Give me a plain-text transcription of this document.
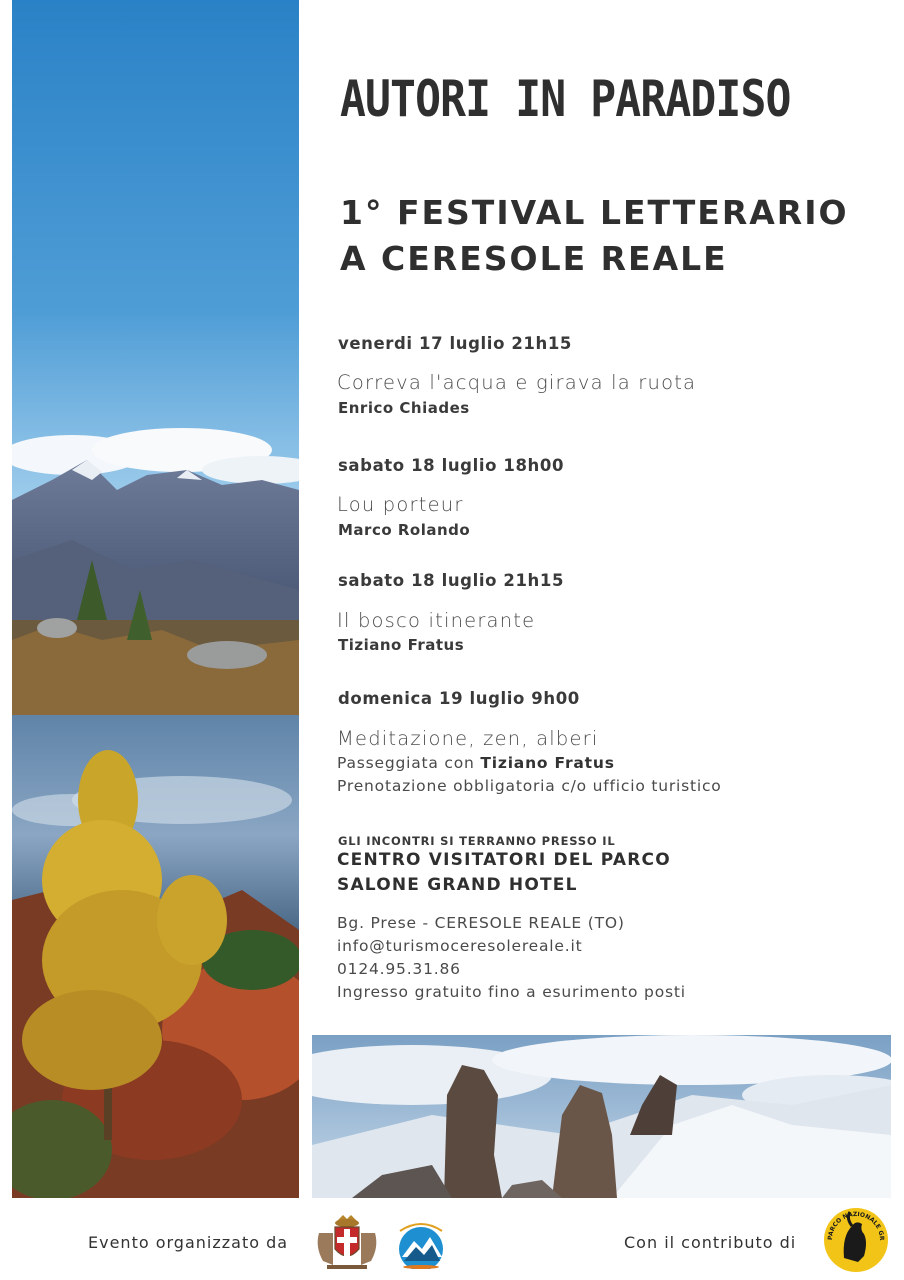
AUTORI IN PARADISO
1° FESTIVAL LETTERARIO
A CERESOLE REALE
venerdi 17 luglio 21h15
Correva l'acqua e girava la ruota
Enrico Chiades
sabato 18 luglio 18h00
Lou porteur
Marco Rolando
sabato 18 luglio 21h15
Il bosco itinerante
Tiziano Fratus
domenica 19 luglio 9h00
Meditazione, zen, alberi
Passeggiata con Tiziano Fratus
Prenotazione obbligatoria c/o ufficio turistico
GLI INCONTRI SI TERRANNO PRESSO IL
CENTRO VISITATORI DEL PARCO
SALONE GRAND HOTEL
Bg. Prese - CERESOLE REALE (TO)
info@turismoceresolereale.it
0124.95.31.86
Ingresso gratuito fino a esurimento posti
Evento organizzato da	Con il contributo di	PARCO NAZIONALE GR
